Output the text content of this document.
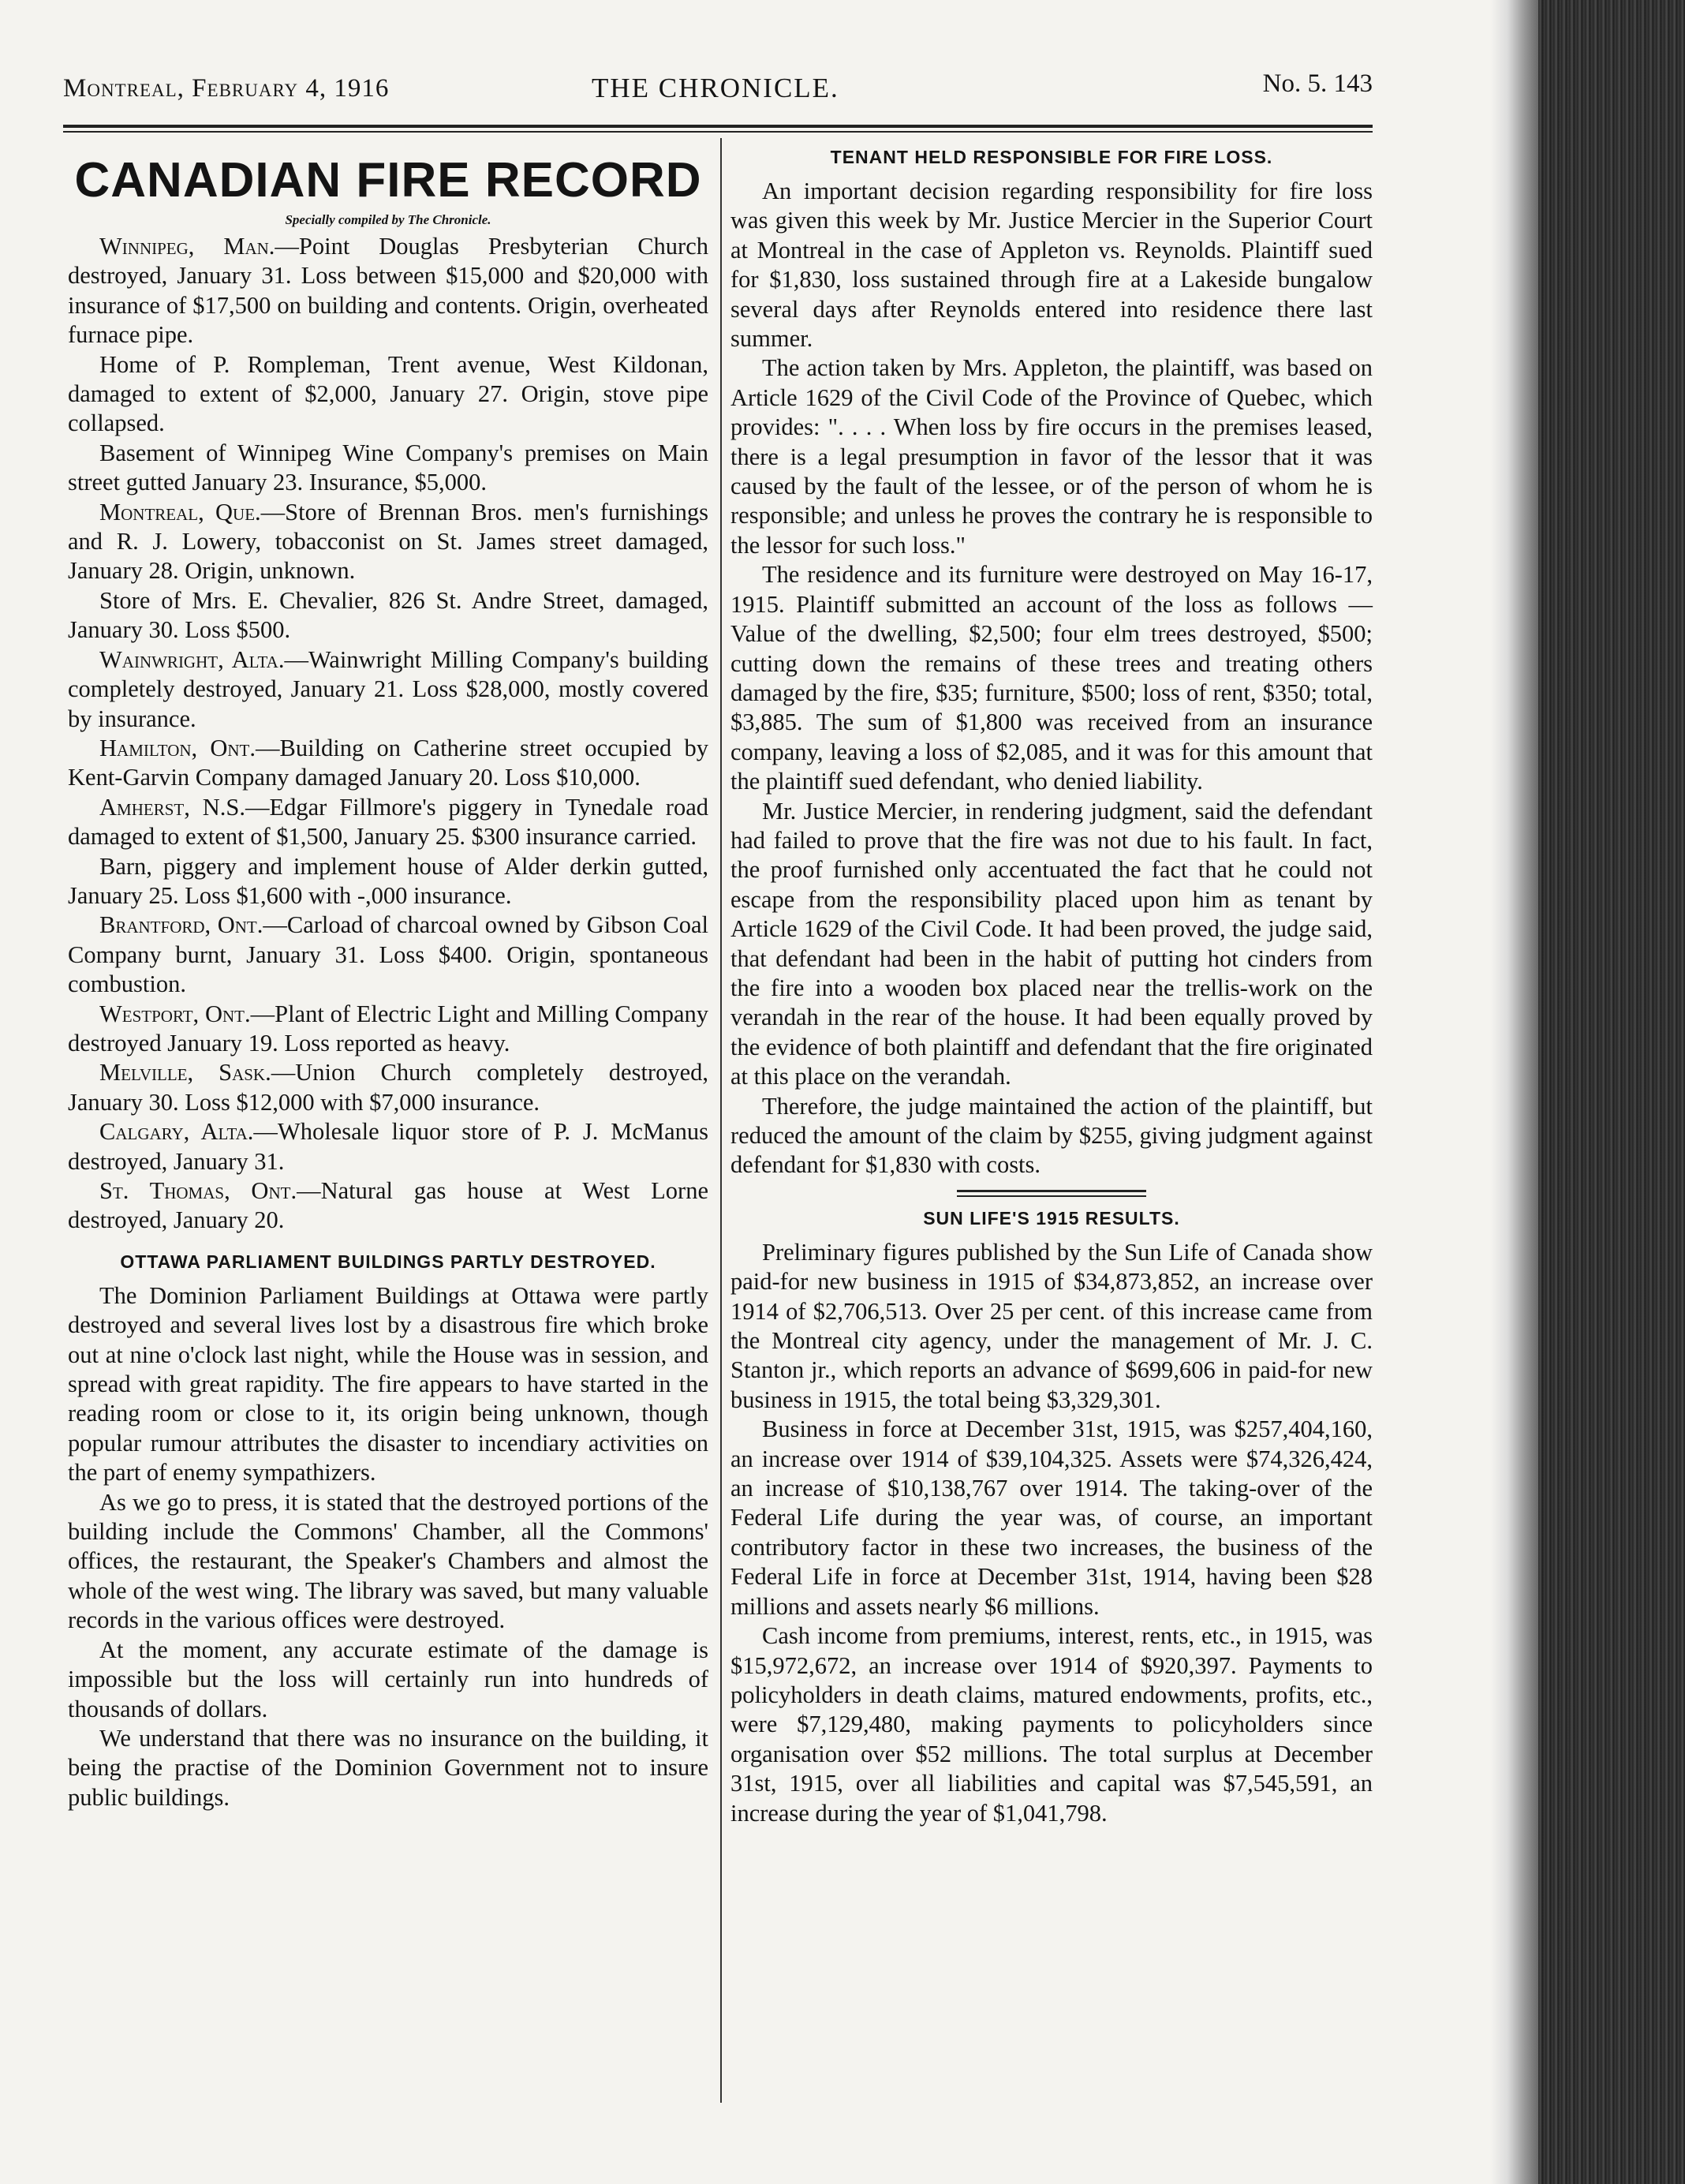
Montreal, February 4, 1916	THE CHRONICLE.	No. 5. 143
CANADIAN FIRE RECORD
Specially compiled by The Chronicle.

Winnipeg, Man.—Point Douglas Presbyterian Church destroyed, January 31. Loss between $15,000 and $20,000 with insurance of $17,500 on building and contents. Origin, overheated furnace pipe.

Home of P. Rompleman, Trent avenue, West Kildonan, damaged to extent of $2,000, January 27. Origin, stove pipe collapsed.

Basement of Winnipeg Wine Company's premises on Main street gutted January 23. Insurance, $5,000.

Montreal, Que.—Store of Brennan Bros. men's furnishings and R. J. Lowery, tobacconist on St. James street damaged, January 28. Origin, unknown.

Store of Mrs. E. Chevalier, 826 St. Andre Street, damaged, January 30. Loss $500.

Wainwright, Alta.—Wainwright Milling Company's building completely destroyed, January 21. Loss $28,000, mostly covered by insurance.

Hamilton, Ont.—Building on Catherine street occupied by Kent-Garvin Company damaged January 20. Loss $10,000.

Amherst, N.S.—Edgar Fillmore's piggery in Tynedale road damaged to extent of $1,500, January 25. $300 insurance carried.

Barn, piggery and implement house of Alder derkin gutted, January 25. Loss $1,600 with -,000 insurance.

Brantford, Ont.—Carload of charcoal owned by Gibson Coal Company burnt, January 31. Loss $400. Origin, spontaneous combustion.

Westport, Ont.—Plant of Electric Light and Milling Company destroyed January 19. Loss reported as heavy.

Melville, Sask.—Union Church completely destroyed, January 30. Loss $12,000 with $7,000 insurance.

Calgary, Alta.—Wholesale liquor store of P. J. McManus destroyed, January 31.

St. Thomas, Ont.—Natural gas house at West Lorne destroyed, January 20.

OTTAWA PARLIAMENT BUILDINGS PARTLY DESTROYED.

The Dominion Parliament Buildings at Ottawa were partly destroyed and several lives lost by a disastrous fire which broke out at nine o'clock last night, while the House was in session, and spread with great rapidity. The fire appears to have started in the reading room or close to it, its origin being unknown, though popular rumour attributes the disaster to incendiary activities on the part of enemy sympathizers.

As we go to press, it is stated that the destroyed portions of the building include the Commons' Chamber, all the Commons' offices, the restaurant, the Speaker's Chambers and almost the whole of the west wing. The library was saved, but many valuable records in the various offices were destroyed.

At the moment, any accurate estimate of the damage is impossible but the loss will certainly run into hundreds of thousands of dollars.

We understand that there was no insurance on the building, it being the practise of the Dominion Government not to insure public buildings.

TENANT HELD RESPONSIBLE FOR FIRE LOSS.

An important decision regarding responsibility for fire loss was given this week by Mr. Justice Mercier in the Superior Court at Montreal in the case of Appleton vs. Reynolds. Plaintiff sued for $1,830, loss sustained through fire at a Lakeside bungalow several days after Reynolds entered into residence there last summer.

The action taken by Mrs. Appleton, the plaintiff, was based on Article 1629 of the Civil Code of the Province of Quebec, which provides: ". . . . When loss by fire occurs in the premises leased, there is a legal presumption in favor of the lessor that it was caused by the fault of the lessee, or of the person of whom he is responsible; and unless he proves the contrary he is responsible to the lessor for such loss."

The residence and its furniture were destroyed on May 16-17, 1915. Plaintiff submitted an account of the loss as follows —Value of the dwelling, $2,500; four elm trees destroyed, $500; cutting down the remains of these trees and treating others damaged by the fire, $35; furniture, $500; loss of rent, $350; total, $3,885. The sum of $1,800 was received from an insurance company, leaving a loss of $2,085, and it was for this amount that the plaintiff sued defendant, who denied liability.

Mr. Justice Mercier, in rendering judgment, said the defendant had failed to prove that the fire was not due to his fault. In fact, the proof furnished only accentuated the fact that he could not escape from the responsibility placed upon him as tenant by Article 1629 of the Civil Code. It had been proved, the judge said, that defendant had been in the habit of putting hot cinders from the fire into a wooden box placed near the trellis-work on the verandah in the rear of the house. It had been equally proved by the evidence of both plaintiff and defendant that the fire originated at this place on the verandah.

Therefore, the judge maintained the action of the plaintiff, but reduced the amount of the claim by $255, giving judgment against defendant for $1,830 with costs.

SUN LIFE'S 1915 RESULTS.

Preliminary figures published by the Sun Life of Canada show paid-for new business in 1915 of $34,873,852, an increase over 1914 of $2,706,513. Over 25 per cent. of this increase came from the Montreal city agency, under the management of Mr. J. C. Stanton jr., which reports an advance of $699,606 in paid-for new business in 1915, the total being $3,329,301.

Business in force at December 31st, 1915, was $257,404,160, an increase over 1914 of $39,104,325. Assets were $74,326,424, an increase of $10,138,767 over 1914. The taking-over of the Federal Life during the year was, of course, an important contributory factor in these two increases, the business of the Federal Life in force at December 31st, 1914, having been $28 millions and assets nearly $6 millions.

Cash income from premiums, interest, rents, etc., in 1915, was $15,972,672, an increase over 1914 of $920,397. Payments to policyholders in death claims, matured endowments, profits, etc., were $7,129,480, making payments to policyholders since organisation over $52 millions. The total surplus at December 31st, 1915, over all liabilities and capital was $7,545,591, an increase during the year of $1,041,798.
